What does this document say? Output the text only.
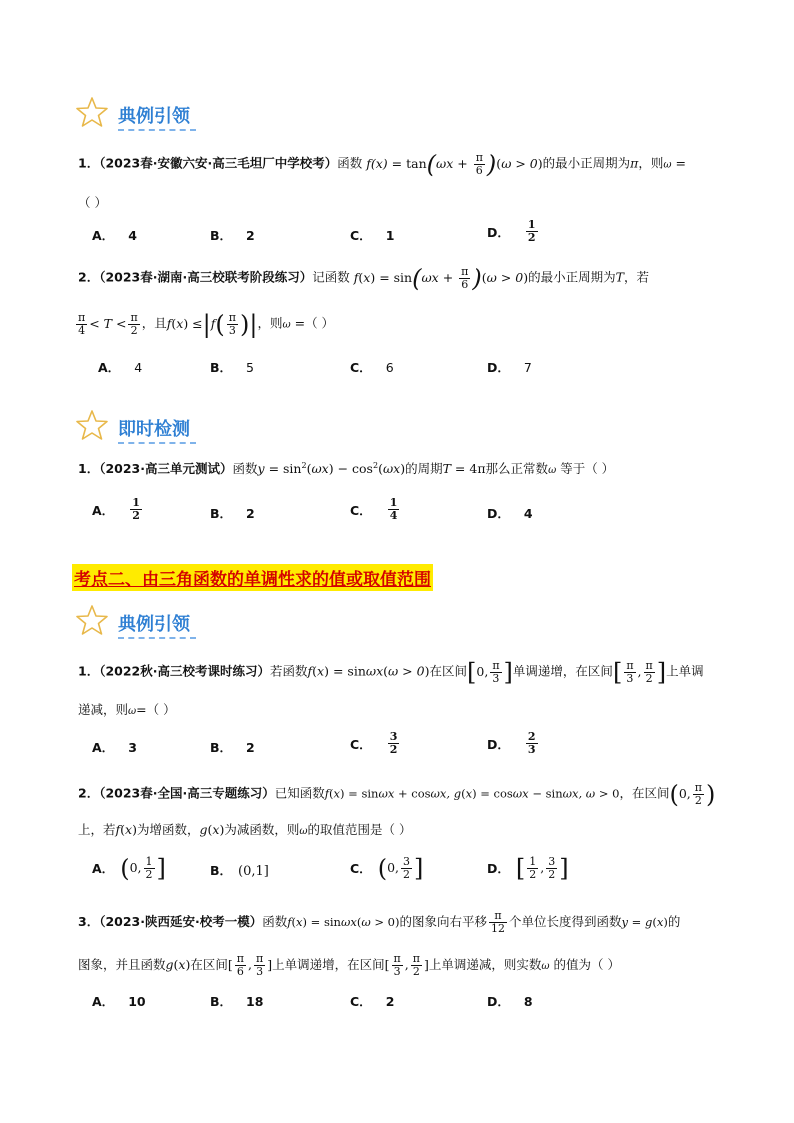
典例引领
1．（2023春·安徽六安·高三毛坦厂中学校考）函数 $f(x) = \tan(\omega x + \frac{\pi}{6} )(\omega > 0)$的最小正周期为π，则ω =
（ ）
A． 4	B． 2	C． 1	D． $\frac{1}{2}$
2．（2023春·湖南·高三校联考阶段练习）记函数 $f(x) = \sin(\omega x + \frac{\pi}{6} )(\omega > 0)$的最小正周期为T，若
$\frac{\pi}{4} < T < \frac{\pi}{2}$ ，且$f(x) \le|f( \frac{\pi}{3}$ )|，则ω =（ ）
A． 4	B． 5	C． 6	D． 7
即时检测
1．（2023·高三单元测试）函数$y = \sin^2(\omega x) - \cos^2(\omega x)$的周期T = 4π那么正常数ω 等于（ ）
A． $\frac{1}{2}$	B． 2	C． $\frac{1}{4}$	D． 4
考点二、由三角函数的单调性求的值或取值范围
典例引领
1．（2022秋·高三校考课时练习）若函数f(x) = sinωx(ω > 0)在区间[0, $\frac{\pi}{3}$ ]单调递增，在区间[ $\frac{\pi}{3}$ , $\frac{\pi}{2}$ ]上单调
递减，则ω=（ ）
A． 3	B． 2	C． $\frac{3}{2}$	D． $\frac{2}{3}$
2．（2023春·全国·高三专题练习）已知函数f(x) = sinωx + cosωx, g(x) = cosωx − sinωx, ω > 0，在区间(0, $\frac{\pi}{2}$ )
上，若f(x)为增函数，g(x)为减函数，则ω的取值范围是（ ）
A． (0, $\frac{1}{2}$ ]	B． (0,1]	C． (0, $\frac{3}{2}$ ]	D． [ $\frac{1}{2}$ , $\frac{3}{2}$ ]
3．（2023·陕西延安·校考一模）函数f(x) = sinωx(ω > 0)的图象向右平移 $\frac{\pi}{12}$ 个单位长度得到函数y = g(x)的
图象，并且函数g(x)在区间[ $\frac{\pi}{6}$ , $\frac{\pi}{3}$ ]上单调递增，在区间[ $\frac{\pi}{3}$ , $\frac{\pi}{2}$ ]上单调递减，则实数ω 的值为（ ）
A． 10	B． 18	C． 2	D． 8
